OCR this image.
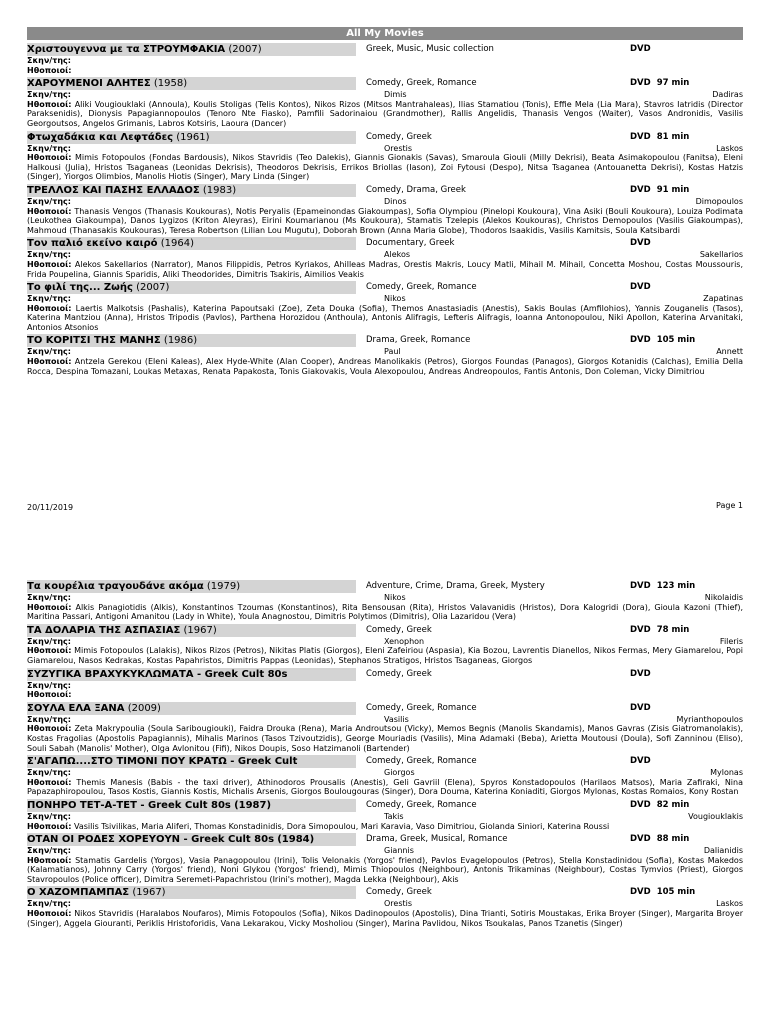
All My Movies
Χριστουγεννα με τα ΣΤΡΟΥΜΦΑΚΙΑ (2007)	Greek, Music, Music collection	DVD
Σκην/της:
Ηθοποιοί:
ΧΑΡΟΥΜΕΝΟΙ ΑΛΗΤΕΣ (1958)	Comedy, Greek, Romance	DVD 97 min
Σκην/της:	Dimis	Dadiras
Ηθοποιοί: Aliki Vougiouklaki (Annoula), Koulis Stoligas (Telis Kontos), Nikos Rizos (Mitsos Mantrahaleas), Ilias Stamatiou (Tonis), Effie Mela (Lia Mara), Stavros Iatridis (Director Paraksenidis), Dionysis Papagiannopoulos (Tenoro Nte Fiasko), Pamfili Sadorinaiou (Grandmother), Rallis Angelidis, Thanasis Vengos (Waiter), Vasos Andronidis, Vasilis Georgoutsos, Angelos Grimanis, Labros Kotsiris, Laoura (Dancer)
Φτωχαδάκια και Λεφτάδες (1961)	Comedy, Greek	DVD 81 min
Σκην/της:	Orestis	Laskos
Ηθοποιοί: Mimis Fotopoulos (Fondas Bardousis), Nikos Stavridis (Teo Dalekis), Giannis Gionakis (Savas), Smaroula Giouli (Milly Dekrisi), Beata Asimakopoulou (Fanitsa), Eleni Halkousi (Julia), Hristos Tsaganeas (Leonidas Dekrisis), Theodoros Dekrisis, Errikos Briollas (Iason), Zoi Fytousi (Despo), Nitsa Tsaganea (Antouanetta Dekrisi), Kostas Hatzis (Singer), Yiorgos Olimbios, Manolis Hiotis (Singer), Mary Linda (Singer)
ΤΡΕΛΛΟΣ ΚΑΙ ΠΑΣΗΣ ΕΛΛΑΔΟΣ (1983)	Comedy, Drama, Greek	DVD 91 min
Σκην/της:	Dinos	Dimopoulos
Ηθοποιοί: Thanasis Vengos (Thanasis Koukouras), Notis Peryalis (Epameinondas Giakoumpas), Sofia Olympiou (Pinelopi Koukoura), Vina Asiki (Bouli Koukoura), Louiza Podimata (Leukothea Giakoumpa), Danos Lygizos (Kriton Aleyras), Eirini Koumarianou (Ms Koukoura), Stamatis Tzelepis (Alekos Koukouras), Christos Demopoulos (Vasilis Giakoumpas), Mahmoud (Thanasakis Koukouras), Teresa Robertson (Lilian Lou Mugutu), Doborah Brown (Anna Maria Globe), Thodoros Isaakidis, Vasilis Kamitsis, Soula Katsibardi
Τον παλιό εκείνο καιρό (1964)	Documentary, Greek	DVD
Σκην/της:	Alekos	Sakellarios
Ηθοποιοί: Alekos Sakellarios (Narrator), Manos Filippidis, Petros Kyriakos, Ahilleas Madras, Orestis Makris, Loucy Matli, Mihail M. Mihail, Concetta Moshou, Costas Moussouris, Frida Poupelina, Giannis Sparidis, Aliki Theodorides, Dimitris Tsakiris, Aimilios Veakis
Το φιλί της... Ζωής (2007)	Comedy, Greek, Romance	DVD
Σκην/της:	Nikos	Zapatinas
Ηθοποιοί: Laertis Malkotsis (Pashalis), Katerina Papoutsaki (Zoe), Zeta Douka (Sofia), Themos Anastasiadis (Anestis), Sakis Boulas (Amfilohios), Yannis Zouganelis (Tasos), Katerina Mantziou (Anna), Hristos Tripodis (Pavlos), Parthena Horozidou (Anthoula), Antonis Alifragis, Lefteris Alifragis, Ioanna Antonopoulou, Niki Apollon, Katerina Arvanitaki, Antonios Atsonios
ΤΟ ΚΟΡΙΤΣΙ ΤΗΣ ΜΑΝΗΣ (1986)	Drama, Greek, Romance	DVD 105 min
Σκην/της:	Paul	Annett
Ηθοποιοί: Antzela Gerekou (Eleni Kaleas), Alex Hyde-White (Alan Cooper), Andreas Manolikakis (Petros), Giorgos Foundas (Panagos), Giorgos Kotanidis (Calchas), Emilia Della Rocca, Despina Tomazani, Loukas Metaxas, Renata Papakosta, Tonis Giakovakis, Voula Alexopoulou, Andreas Andreopoulos, Fantis Antonis, Don Coleman, Vicky Dimitriou
20/11/2019	Page 1
Τα κουρέλια τραγουδάνε ακόμα (1979)	Adventure, Crime, Drama, Greek, Mystery	DVD 123 min
Σκην/της:	Nikos	Nikolaidis
Ηθοποιοί: Alkis Panagiotidis (Alkis), Konstantinos Tzoumas (Konstantinos), Rita Bensousan (Rita), Hristos Valavanidis (Hristos), Dora Kalogridi (Dora), Gioula Kazoni (Thief), Maritina Passari, Antigoni Amanitou (Lady in White), Youla Anagnostou, Dimitris Polytimos (Dimitris), Olia Lazaridou (Vera)
ΤΑ ΔΟΛΑΡΙΑ ΤΗΣ ΑΣΠΑΣΙΑΣ (1967)	Comedy, Greek	DVD 78 min
Σκην/της:	Xenophon	Fileris
Ηθοποιοί: Mimis Fotopoulos (Lalakis), Nikos Rizos (Petros), Nikitas Platis (Giorgos), Eleni Zafeiriou (Aspasia), Kia Bozou, Lavrentis Dianellos, Nikos Fermas, Mery Giamarelou, Popi Giamarelou, Nasos Kedrakas, Kostas Papahristos, Dimitris Pappas (Leonidas), Stephanos Stratigos, Hristos Tsaganeas, Giorgos
ΣΥΖΥΓΙΚΑ ΒΡΑΧΥΚΥΚΛΩΜΑΤΑ - Greek Cult 80s	Comedy, Greek	DVD
Σκην/της:
Ηθοποιοί:
ΣΟΥΛΑ ΕΛΑ ΞΑΝΑ (2009)	Comedy, Greek, Romance	DVD
Σκην/της:	Vasilis	Myrianthopoulos
Ηθοποιοί: Zeta Makrypoulia (Soula Saribougiouki), Faidra Drouka (Rena), Maria Androutsou (Vicky), Memos Begnis (Manolis Skandamis), Manos Gavras (Zisis Giatromanolakis), Kostas Fragolias (Apostolis Papagiannis), Mihalis Marinos (Tasos Tzivoutzidis), George Mouriadis (Vasilis), Mina Adamaki (Beba), Arietta Moutousi (Doula), Sofi Zanninou (Eliso), Souli Sabah (Manolis' Mother), Olga Avlonitou (Fifi), Nikos Doupis, Soso Hatzimanoli (Bartender)
Σ'ΑΓΑΠΩ....ΣΤΟ ΤΙΜΟΝΙ ΠΟΥ ΚΡΑΤΩ - Greek Cult	Comedy, Greek, Romance	DVD
Σκην/της:	Giorgos	Mylonas
Ηθοποιοί: Themis Manesis (Babis - the taxi driver), Athinodoros Prousalis (Anestis), Geli Gavriil (Elena), Spyros Konstadopoulos (Harilaos Matsos), Maria Zafiraki, Nina Papazaphiropoulou, Tasos Kostis, Giannis Kostis, Michalis Arsenis, Giorgos Boulougouras (Singer), Dora Douma, Katerina Koniaditi, Giorgos Mylonas, Kostas Romaios, Kony Rostan
ΠΟΝΗΡΟ ΤΕΤ-Α-ΤΕΤ - Greek Cult 80s (1987)	Comedy, Greek, Romance	DVD 82 min
Σκην/της:	Takis	Vougiouklakis
Ηθοποιοί: Vasilis Tsivilikas, Maria Aliferi, Thomas Konstadinidis, Dora Simopoulou, Mari Karavia, Vaso Dimitriou, Giolanda Siniori, Katerina Roussi
ΟΤΑΝ ΟΙ ΡΟΔΕΣ ΧΟΡΕΥΟΥΝ - Greek Cult 80s (1984)	Drama, Greek, Musical, Romance	DVD 88 min
Σκην/της:	Giannis	Dalianidis
Ηθοποιοί: Stamatis Gardelis (Yorgos), Vasia Panagopoulou (Irini), Tolis Velonakis (Yorgos' friend), Pavlos Evagelopoulos (Petros), Stella Konstadinidou (Sofia), Kostas Makedos (Kalamatianos), Johnny Carry (Yorgos' friend), Noni Glykou (Yorgos' friend), Mimis Thiopoulos (Neighbour), Antonis Trikaminas (Neighbour), Costas Tymvios (Priest), Giorgos Stavropoulos (Police officer), Dimitra Seremeti-Papachristou (Irini's mother), Magda Lekka (Neighbour), Akis
Ο ΧΑΖΟΜΠΑΜΠΑΣ (1967)	Comedy, Greek	DVD 105 min
Σκην/της:	Orestis	Laskos
Ηθοποιοί: Nikos Stavridis (Haralabos Noufaros), Mimis Fotopoulos (Sofia), Nikos Dadinopoulos (Apostolis), Dina Trianti, Sotiris Moustakas, Erika Broyer (Singer), Margarita Broyer (Singer), Aggela Giouranti, Periklis Hristoforidis, Vana Lekarakou, Vicky Mosholiou (Singer), Marina Pavlidou, Nikos Tsoukalas, Panos Tzanetis (Singer)
